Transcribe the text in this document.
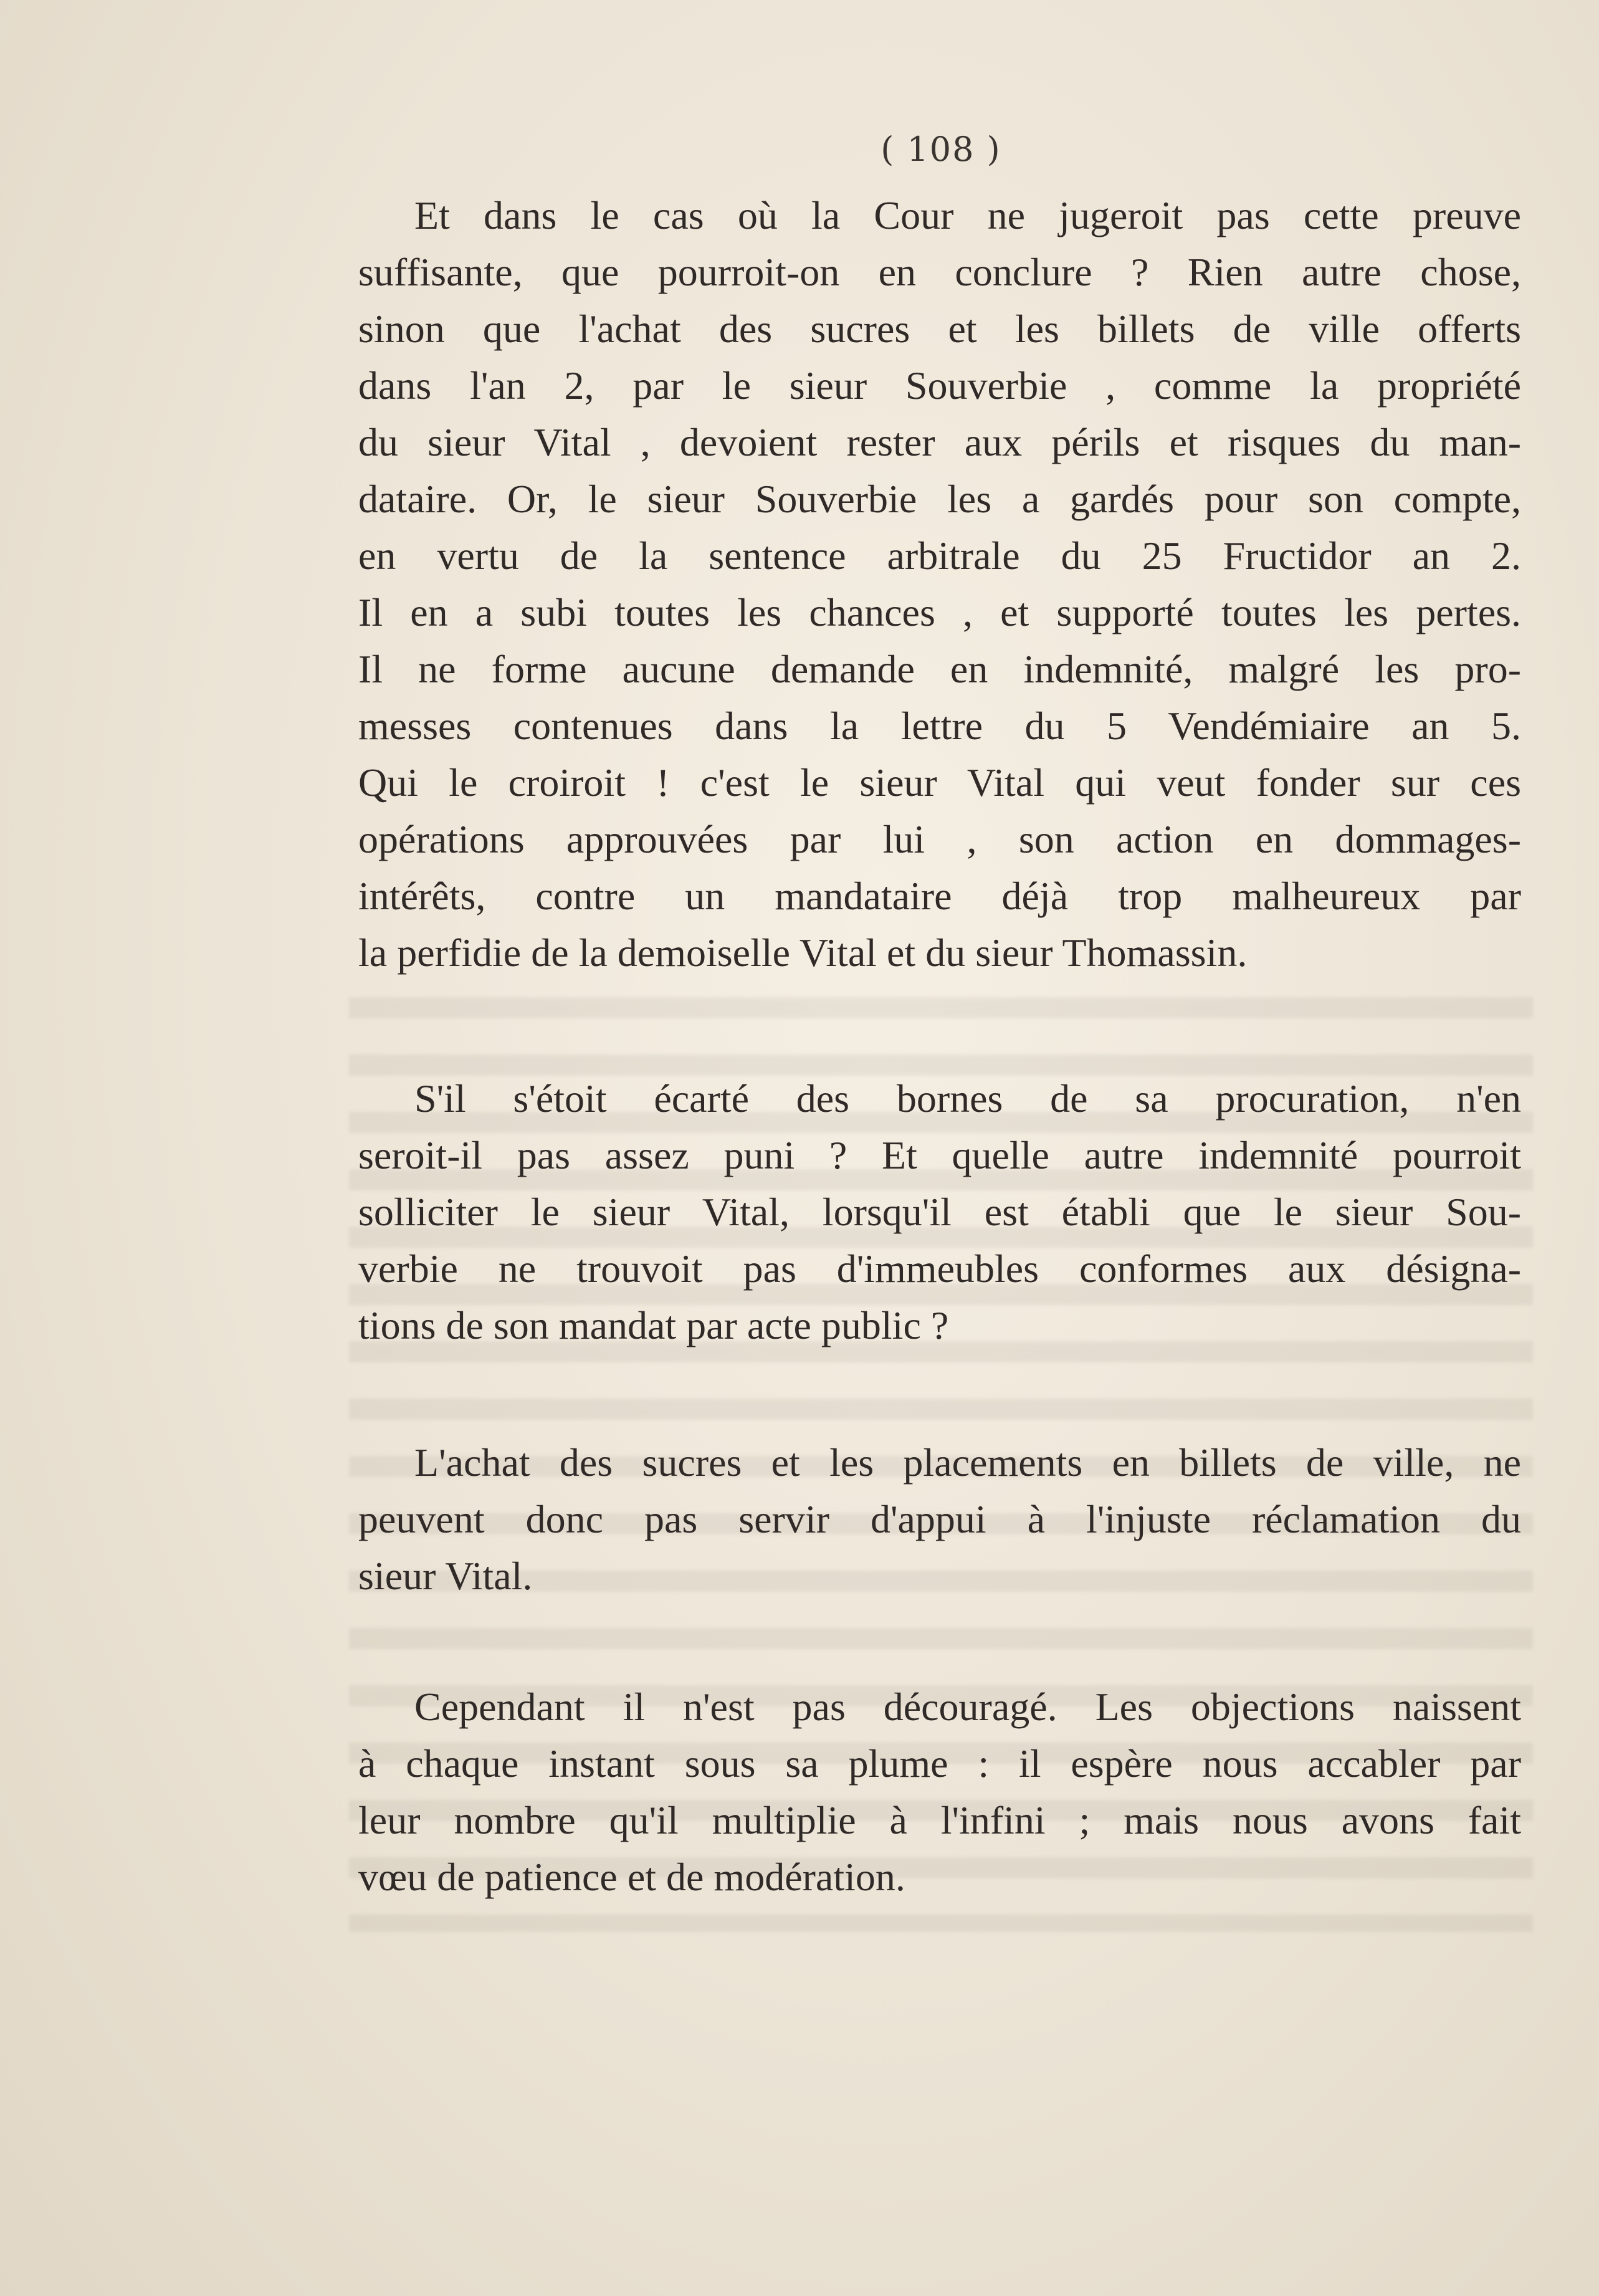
( 108 )
Et dans le cas où la Cour ne jugeroit pas cette preuve
suffisante, que pourroit-on en conclure ? Rien autre chose,
sinon que l'achat des sucres et les billets de ville offerts
dans l'an 2, par le sieur Souverbie , comme la propriété
du sieur Vital , devoient rester aux périls et risques du man-
dataire. Or, le sieur Souverbie les a gardés pour son compte,
en vertu de la sentence arbitrale du 25 Fructidor an 2.
Il en a subi toutes les chances , et supporté toutes les pertes.
Il ne forme aucune demande en indemnité, malgré les pro-
messes contenues dans la lettre du 5 Vendémiaire an 5.
Qui le croiroit ! c'est le sieur Vital qui veut fonder sur ces
opérations approuvées par lui , son action en dommages-
intérêts, contre un mandataire déjà trop malheureux par
la perfidie de la demoiselle Vital et du sieur Thomassin.
S'il s'étoit écarté des bornes de sa procuration, n'en
seroit-il pas assez puni ? Et quelle autre indemnité pourroit
solliciter le sieur Vital, lorsqu'il est établi que le sieur Sou-
verbie ne trouvoit pas d'immeubles conformes aux désigna-
tions de son mandat par acte public ?
L'achat des sucres et les placements en billets de ville, ne
peuvent donc pas servir d'appui à l'injuste réclamation du
sieur Vital.
Cependant il n'est pas découragé. Les objections naissent
à chaque instant sous sa plume : il espère nous accabler par
leur nombre qu'il multiplie à l'infini ; mais nous avons fait
vœu de patience et de modération.
